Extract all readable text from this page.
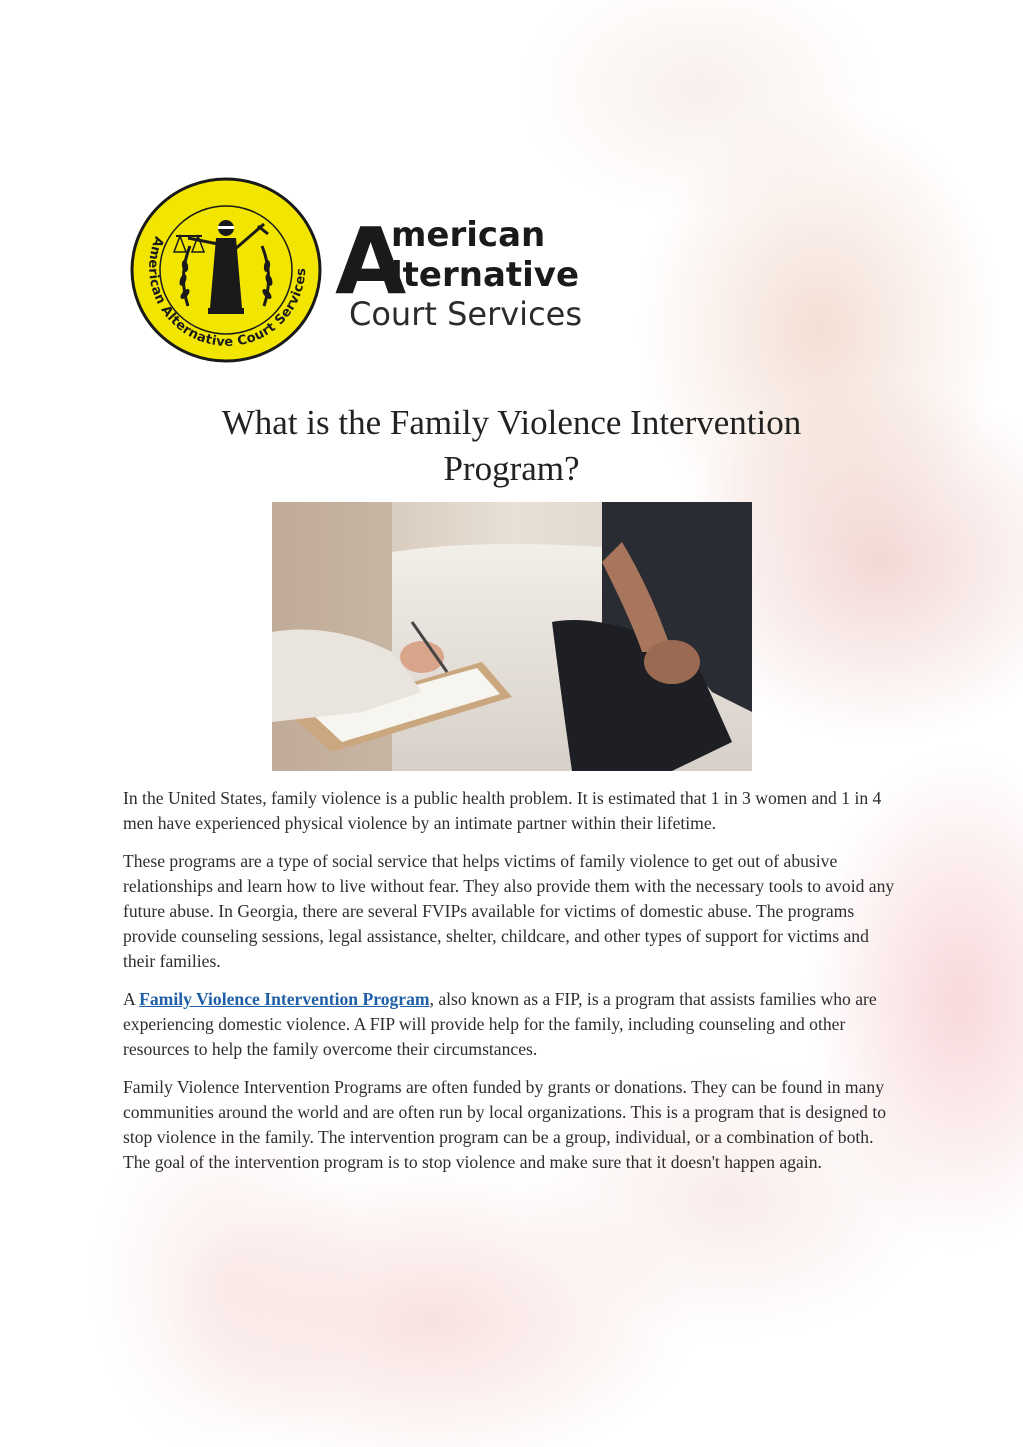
American Alternative Court Services A
merican
lternative
Court Services
What is the Family Violence Intervention Program?

In the United States, family violence is a public health problem. It is estimated that 1 in 3 women and 1 in 4 men have experienced physical violence by an intimate partner within their lifetime.

These programs are a type of social service that helps victims of family violence to get out of abusive relationships and learn how to live without fear. They also provide them with the necessary tools to avoid any future abuse. In Georgia, there are several FVIPs available for victims of domestic abuse. The programs provide counseling sessions, legal assistance, shelter, childcare, and other types of support for victims and their families.

A Family Violence Intervention Program, also known as a FIP, is a program that assists families who are experiencing domestic violence. A FIP will provide help for the family, including counseling and other resources to help the family overcome their circumstances.

Family Violence Intervention Programs are often funded by grants or donations. They can be found in many communities around the world and are often run by local organizations. This is a program that is designed to stop violence in the family. The intervention program can be a group, individual, or a combination of both. The goal of the intervention program is to stop violence and make sure that it doesn't happen again.
